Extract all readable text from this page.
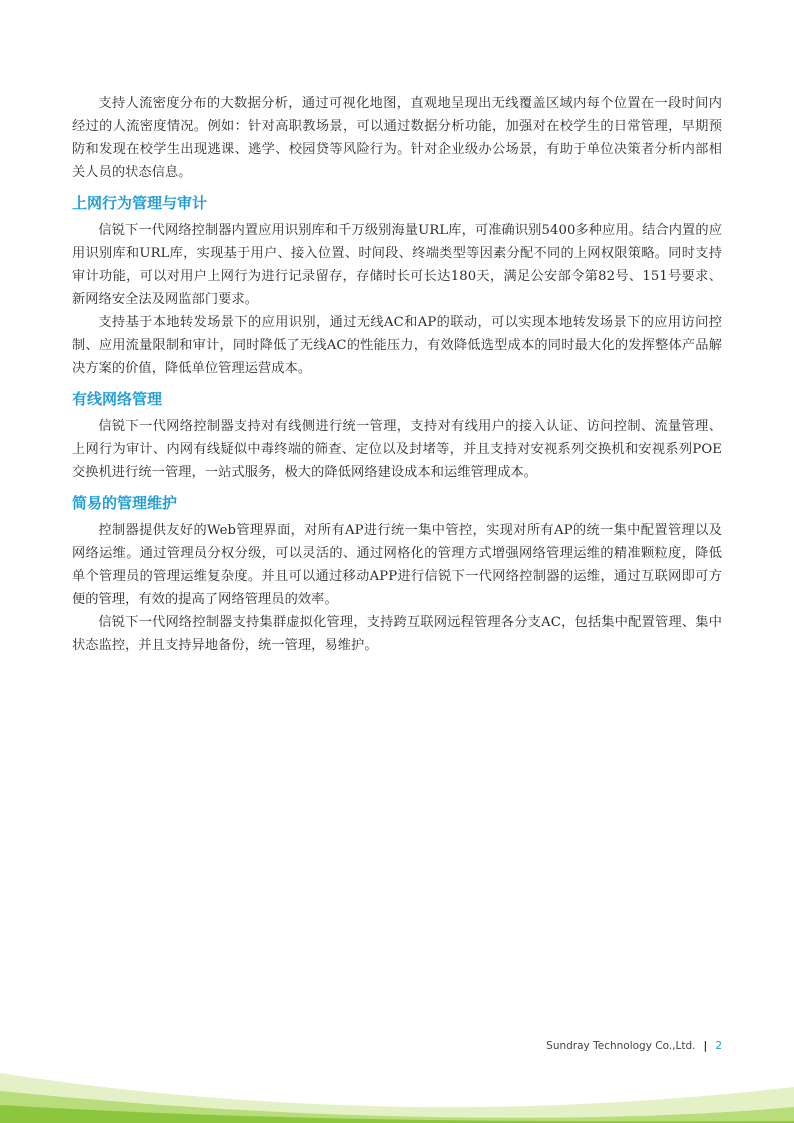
支持人流密度分布的大数据分析，通过可视化地图，直观地呈现出无线覆盖区域内每个位置在一段时间内经过的人流密度情况。例如：针对高职教场景，可以通过数据分析功能，加强对在校学生的日常管理，早期预防和发现在校学生出现逃课、逃学、校园贷等风险行为。针对企业级办公场景，有助于单位决策者分析内部相关人员的状态信息。

上网行为管理与审计

信锐下一代网络控制器内置应用识别库和千万级别海量URL库，可准确识别5400多种应用。结合内置的应用识别库和URL库，实现基于用户、接入位置、时间段、终端类型等因素分配不同的上网权限策略。同时支持审计功能，可以对用户上网行为进行记录留存，存储时长可长达180天，满足公安部令第82号、151号要求、新网络安全法及网监部门要求。

支持基于本地转发场景下的应用识别，通过无线AC和AP的联动，可以实现本地转发场景下的应用访问控制、应用流量限制和审计，同时降低了无线AC的性能压力，有效降低选型成本的同时最大化的发挥整体产品解决方案的价值，降低单位管理运营成本。

有线网络管理

信锐下一代网络控制器支持对有线侧进行统一管理，支持对有线用户的接入认证、访问控制、流量管理、上网行为审计、内网有线疑似中毒终端的筛查、定位以及封堵等，并且支持对安视系列交换机和安视系列POE交换机进行统一管理，一站式服务，极大的降低网络建设成本和运维管理成本。

简易的管理维护

控制器提供友好的Web管理界面，对所有AP进行统一集中管控，实现对所有AP的统一集中配置管理以及网络运维。通过管理员分权分级，可以灵活的、通过网格化的管理方式增强网络管理运维的精准颗粒度，降低单个管理员的管理运维复杂度。并且可以通过移动APP进行信锐下一代网络控制器的运维，通过互联网即可方便的管理，有效的提高了网络管理员的效率。

信锐下一代网络控制器支持集群虚拟化管理，支持跨互联网远程管理各分支AC，包括集中配置管理、集中状态监控，并且支持异地备份，统一管理，易维护。

Sundray Technology Co.,Ltd. | 2
